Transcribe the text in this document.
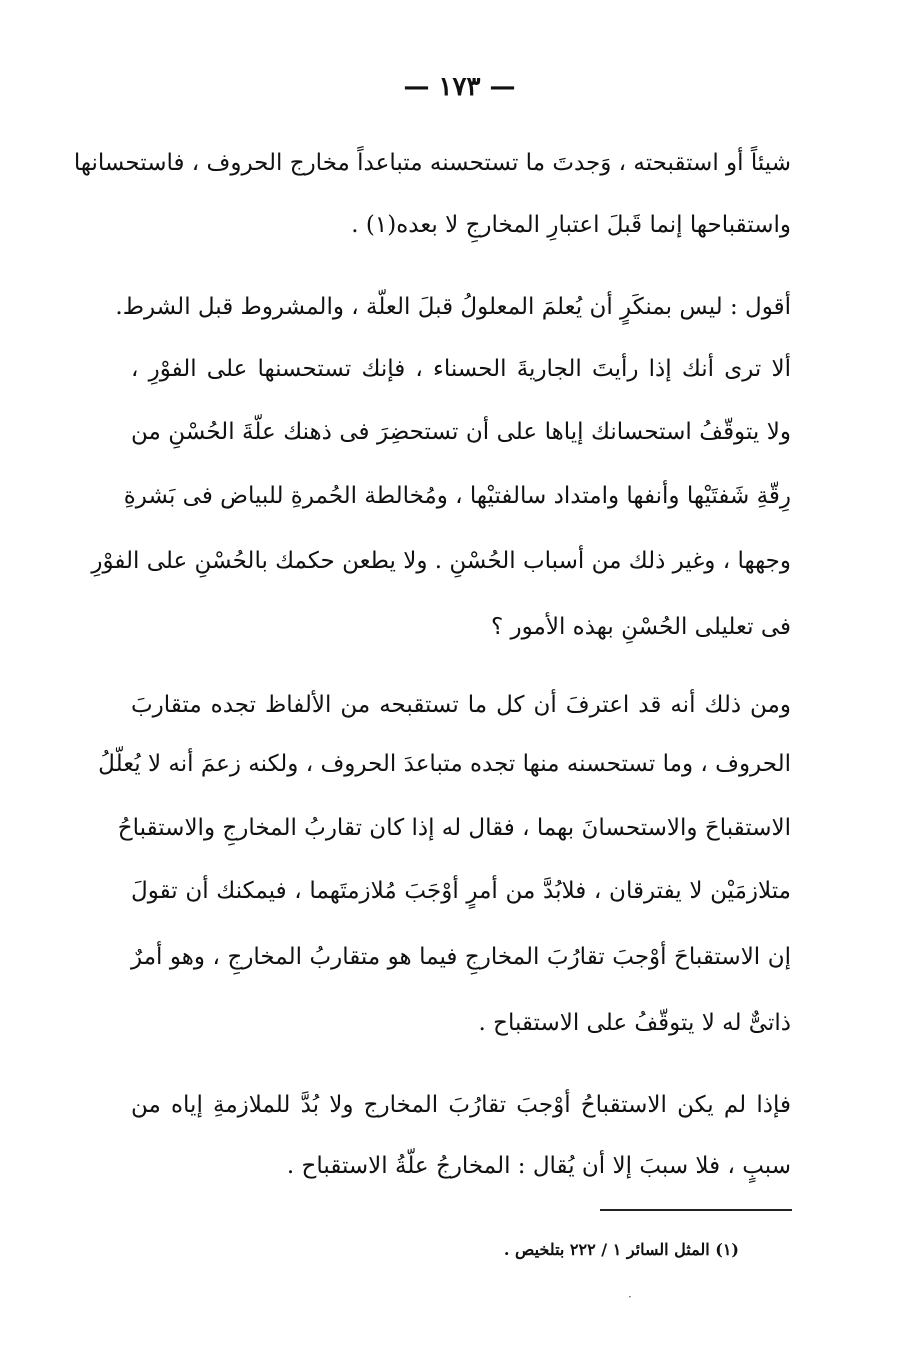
— ١٧٣ —
شيئاً أو استقبحته ، وَجدتَ ما تستحسنه متباعداً مخارج الحروف ، فاستحسانها
واستقباحها إنما قَبلَ اعتبارِ المخارجِ لا بعده(١) .
أقول : ليس بمنكَرٍ أن يُعلمَ المعلولُ قبلَ العلّة ، والمشروط قبل الشرط.
ألا ترى أنك إذا رأيتَ الجاريةَ الحسناء ، فإنك تستحسنها على الفوْرِ ،
ولا يتوقّفُ استحسانك إياها على أن تستحضِرَ فى ذهنك علّةَ الحُسْنِ من
رِقّةِ شَفتَيْها وأنفها وامتداد سالفتيْها ، ومُخالطة الحُمرةِ للبياض فى بَشرةِ
وجهها ، وغير ذلك من أسباب الحُسْنِ . ولا يطعن حكمك بالحُسْنِ على الفوْرِ
فى تعليلى الحُسْنِ بهذه الأمور ؟
ومن ذلك أنه قد اعترفَ أن كل ما تستقبحه من الألفاظ تجده متقاربَ
الحروف ، وما تستحسنه منها تجده متباعدَ الحروف ، ولكنه زعمَ أنه لا يُعلّلُ
الاستقباحَ والاستحسانَ بهما ، فقال له إذا كان تقاربُ المخارجِ والاستقباحُ
متلازمَيْن لا يفترقان ، فلابُدَّ من أمرٍ أوْجَبَ مُلازمتَهما ، فيمكنك أن تقولَ
إن الاستقباحَ أوْجبَ تقارُبَ المخارجِ فيما هو متقاربُ المخارجِ ، وهو أمرٌ
ذاتىٌّ له لا يتوقّفُ على الاستقباح .
فإذا لم يكن الاستقباحُ أوْجبَ تقارُبَ المخارج ولا بُدَّ للملازمةِ إياه من
سببٍ ، فلا سببَ إلا أن يُقال : المخارجُ علّةُ الاستقباح .
(١) المثل السائر ١ / ٢٢٢ بتلخيص .
·
